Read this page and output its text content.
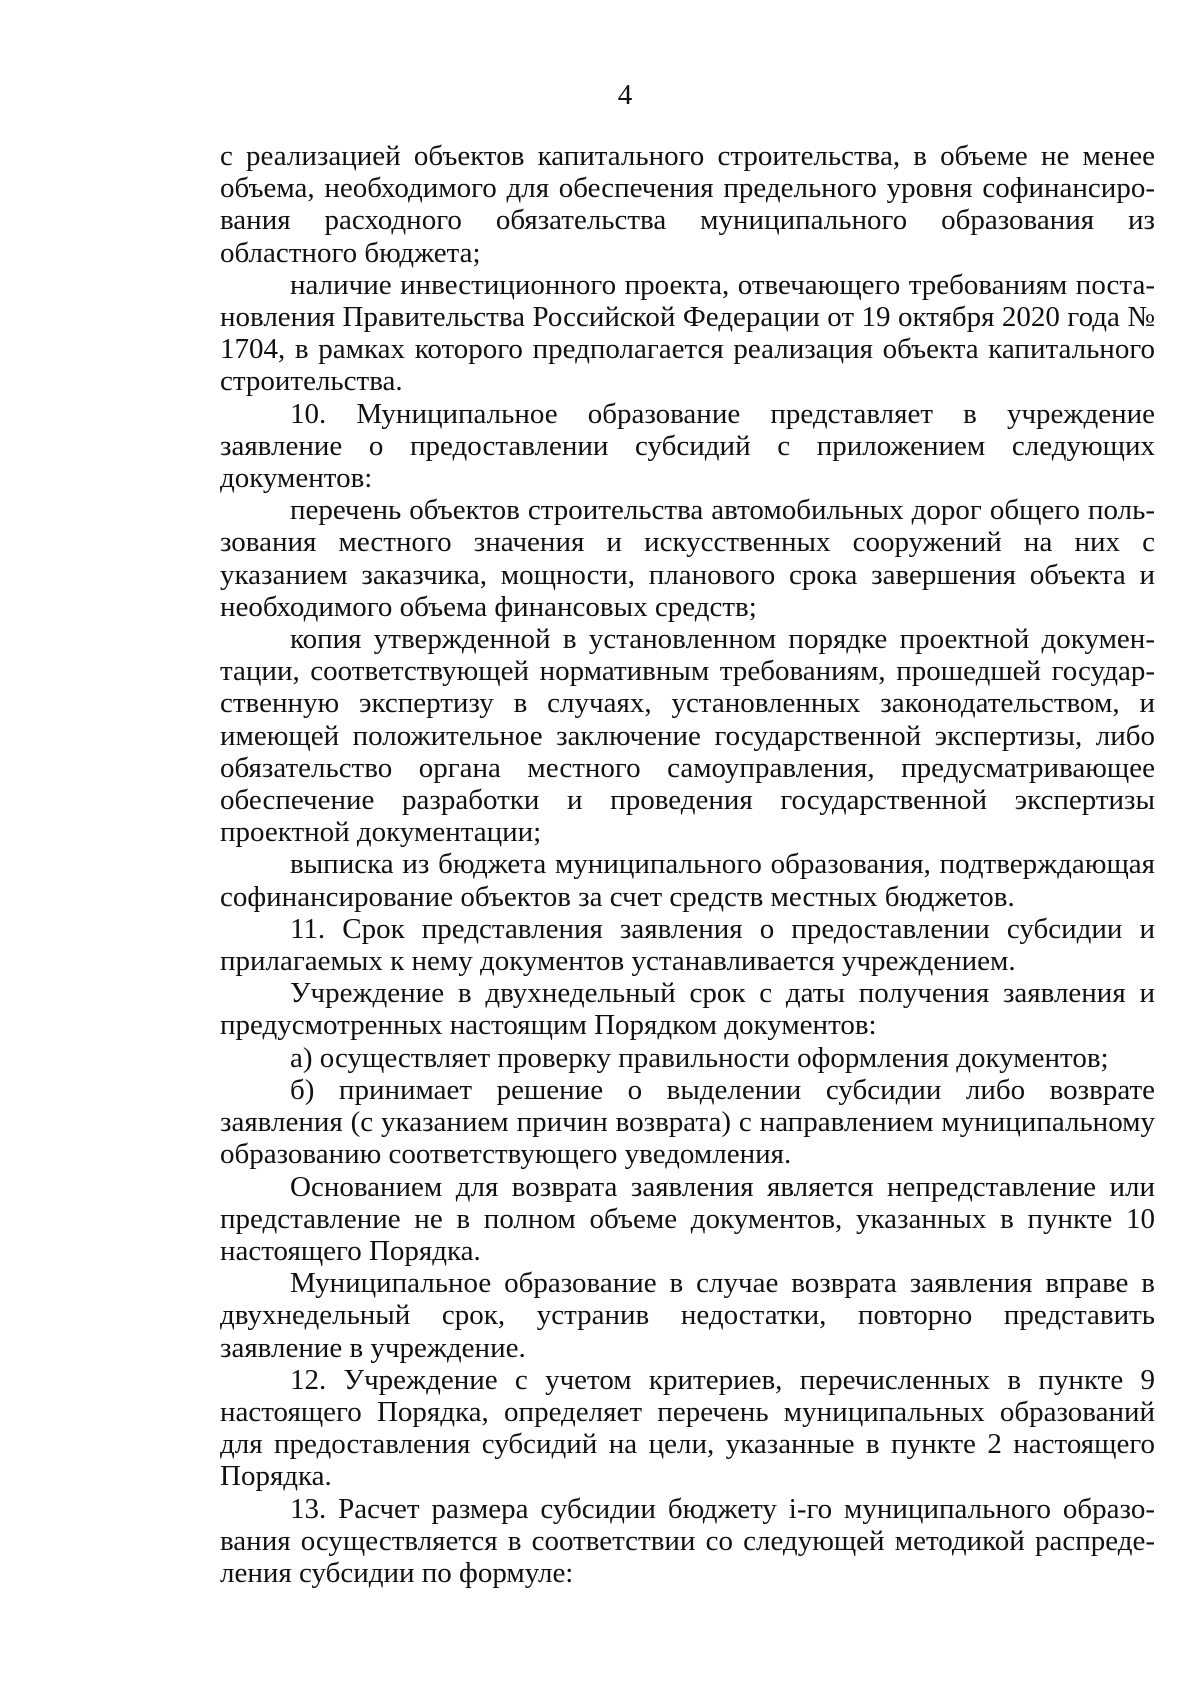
4

с реализацией объектов капитального строительства, в объеме не менее объема, необходимого для обеспечения предельного уровня софинансирования расходного обязательства муниципального образования из областного бюджета;

наличие инвестиционного проекта, отвечающего требованиям постановления Правительства Российской Федерации от 19 октября 2020 года № 1704, в рамках которого предполагается реализация объекта капитального строительства.

10. Муниципальное образование представляет в учреждение заявление о предоставлении субсидий с приложением следующих документов:

перечень объектов строительства автомобильных дорог общего пользования местного значения и искусственных сооружений на них с указанием заказчика, мощности, планового срока завершения объекта и необходимого объема финансовых средств;

копия утвержденной в установленном порядке проектной документации, соответствующей нормативным требованиям, прошедшей государственную экспертизу в случаях, установленных законодательством, и имеющей положительное заключение государственной экспертизы, либо обязательство органа местного самоуправления, предусматривающее обеспечение разработки и проведения государственной экспертизы проектной документации;

выписка из бюджета муниципального образования, подтверждающая софинансирование объектов за счет средств местных бюджетов.

11. Срок представления заявления о предоставлении субсидии и прилагаемых к нему документов устанавливается учреждением.

Учреждение в двухнедельный срок с даты получения заявления и предусмотренных настоящим Порядком документов:

а) осуществляет проверку правильности оформления документов;

б) принимает решение о выделении субсидии либо возврате заявления (с указанием причин возврата) с направлением муниципальному образованию соответствующего уведомления.

Основанием для возврата заявления является непредставление или представление не в полном объеме документов, указанных в пункте 10 настоящего Порядка.

Муниципальное образование в случае возврата заявления вправе в двухнедельный срок, устранив недостатки, повторно представить заявление в учреждение.

12. Учреждение с учетом критериев, перечисленных в пункте 9 настоящего Порядка, определяет перечень муниципальных образований для предоставления субсидий на цели, указанные в пункте 2 настоящего Порядка.

13. Расчет размера субсидии бюджету i-го муниципального образования осуществляется в соответствии со следующей методикой распределения субсидии по формуле:
